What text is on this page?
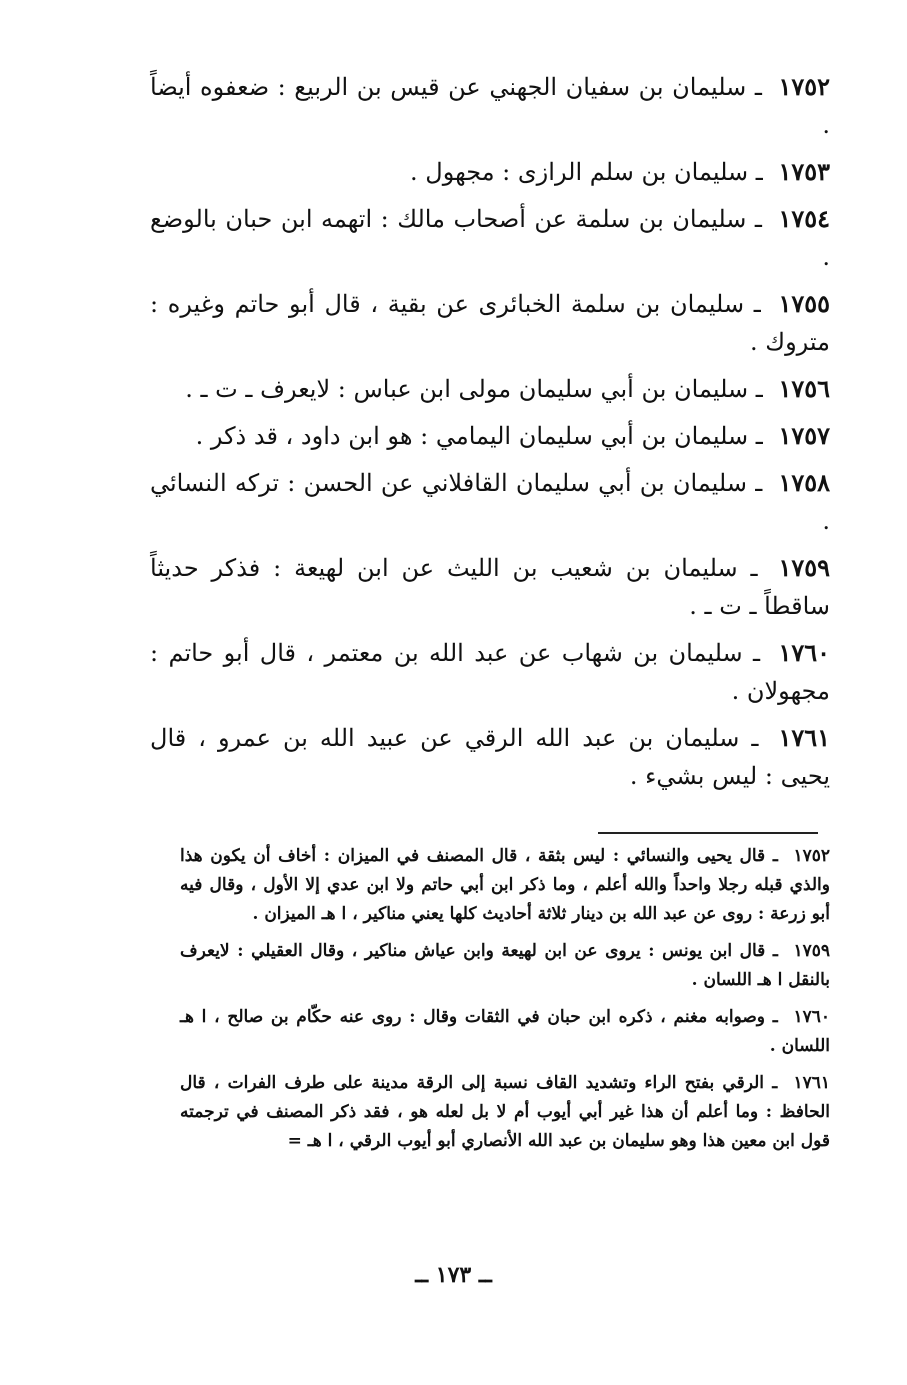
١٧٥٢ ـ سليمان بن سفيان الجهني عن قيس بن الربيع : ضعفوه أيضاً .

١٧٥٣ ـ سليمان بن سلم الرازى : مجهول .

١٧٥٤ ـ سليمان بن سلمة عن أصحاب مالك : اتهمه ابن حبان بالوضع .

١٧٥٥ ـ سليمان بن سلمة الخبائرى عن بقية ، قال أبو حاتم وغيره : متروك .

١٧٥٦ ـ سليمان بن أبي سليمان مولى ابن عباس : لايعرف ـ ت ـ .

١٧٥٧ ـ سليمان بن أبي سليمان اليمامي : هو ابن داود ، قد ذكر .

١٧٥٨ ـ سليمان بن أبي سليمان القافلاني عن الحسن : تركه النسائي .

١٧٥٩ ـ سليمان بن شعيب بن الليث عن ابن لهيعة : فذكر حديثاً ساقطاً ـ ت ـ .

١٧٦٠ ـ سليمان بن شهاب عن عبد الله بن معتمر ، قال أبو حاتم : مجهولان .

١٧٦١ ـ سليمان بن عبد الله الرقي عن عبيد الله بن عمرو ، قال يحيى : ليس بشيء .

١٧٥٢ ـ قال يحيى والنسائي : ليس بثقة ، قال المصنف في الميزان : أخاف أن يكون هذا والذي قبله رجلا واحداً والله أعلم ، وما ذكر ابن أبي حاتم ولا ابن عدي إلا الأول ، وقال فيه أبو زرعة : روى عن عبد الله بن دينار ثلاثة أحاديث كلها يعني مناكير ، ا هـ الميزان .

١٧٥٩ ـ قال ابن يونس : يروى عن ابن لهيعة وابن عياش مناكير ، وقال العقيلي : لايعرف بالنقل ا هـ اللسان .

١٧٦٠ ـ وصوابه مغنم ، ذكره ابن حبان في الثقات وقال : روى عنه حكّام بن صالح ، ا هـ اللسان .

١٧٦١ ـ الرقي بفتح الراء وتشديد القاف نسبة إلى الرقة مدينة على طرف الفرات ، قال الحافظ : وما أعلم أن هذا غير أبي أيوب أم لا بل لعله هو ، فقد ذكر المصنف في ترجمته قول ابن معين هذا وهو سليمان بن عبد الله الأنصاري أبو أيوب الرقي ، ا هـ =

ــ ١٧٣ ــ
